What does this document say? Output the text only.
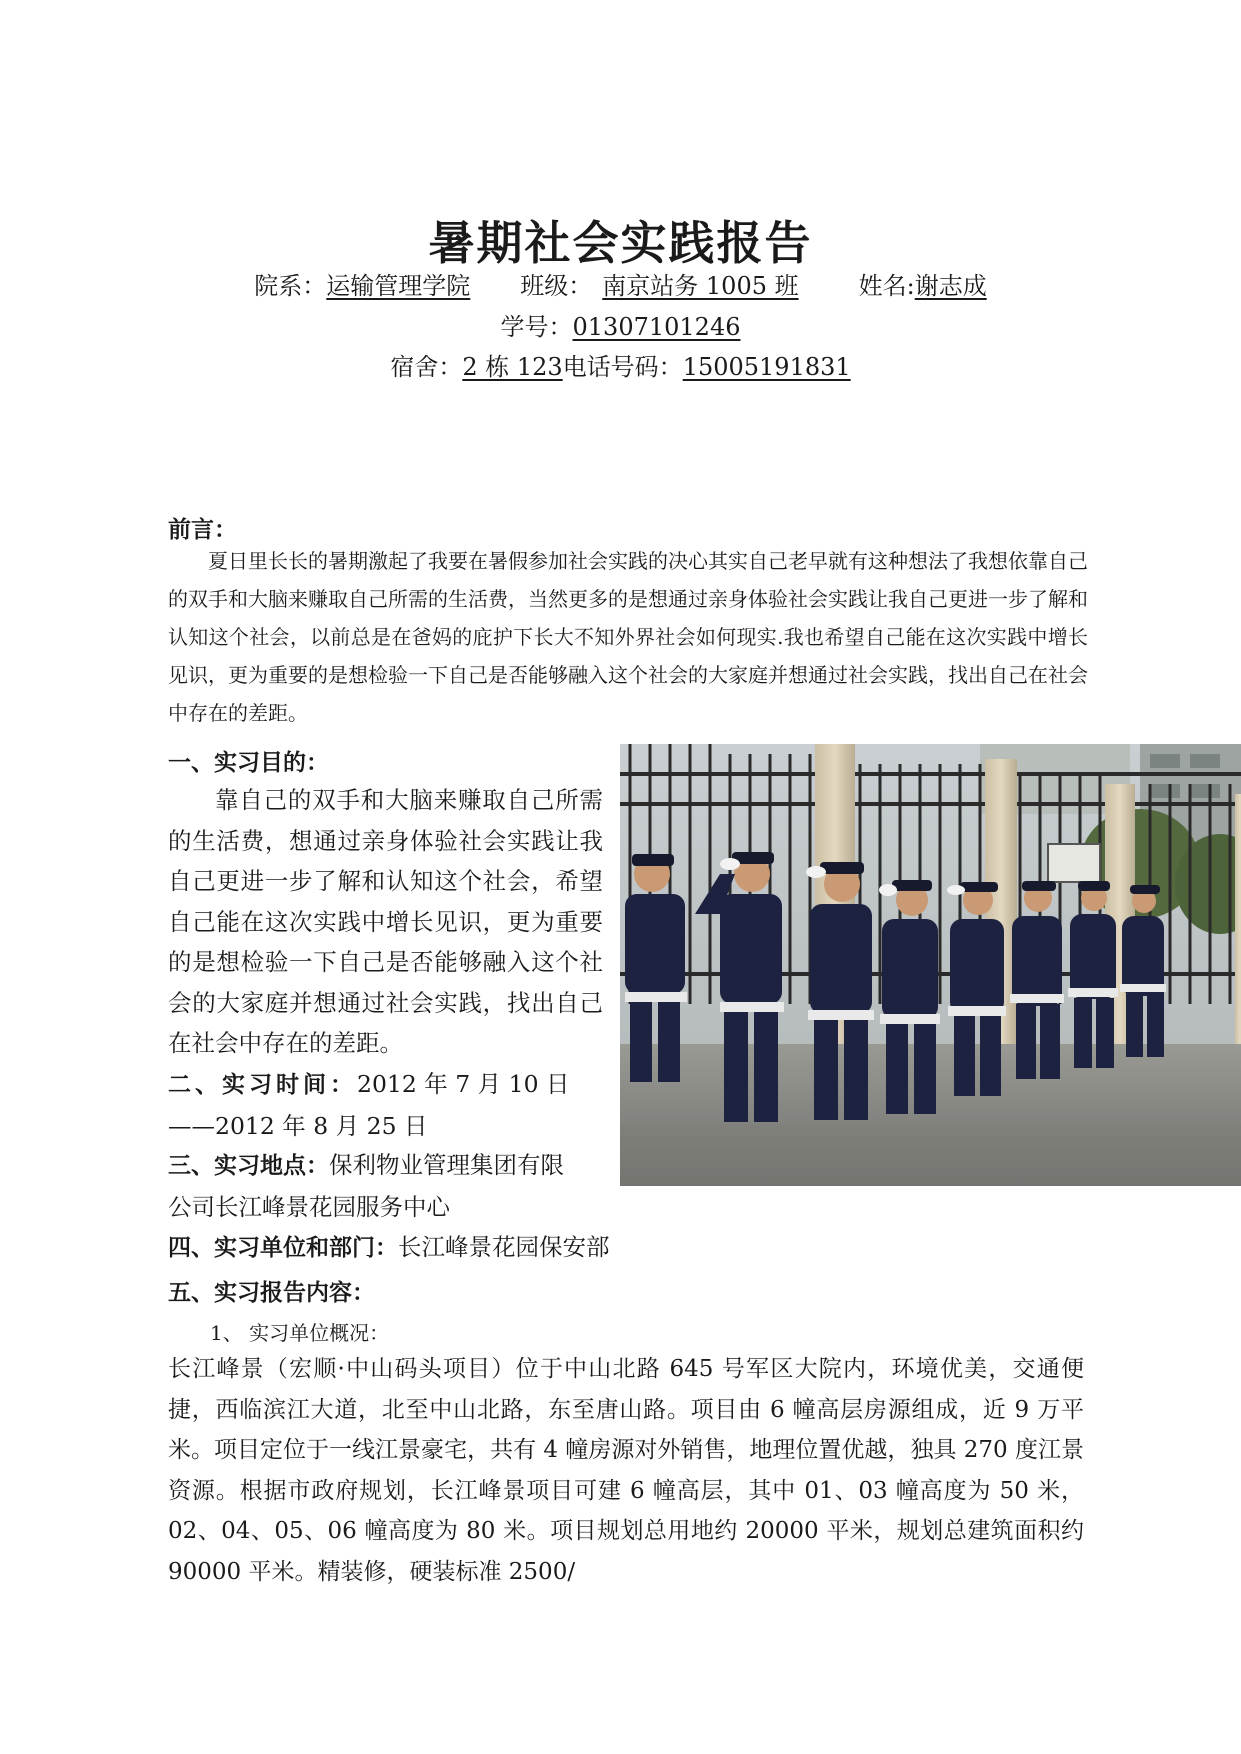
暑期社会实践报告
院系：运输管理学院 班级： 南京站务 1005 班	姓名:谢志成
学号：01307101246
宿舍：2 栋 123电话号码：15005191831
前言：
夏日里长长的暑期激起了我要在暑假参加社会实践的决心其实自己老早就有这种想法了我想依靠自己的双手和大脑来赚取自己所需的生活费，当然更多的是想通过亲身体验社会实践让我自己更进一步了解和认知这个社会，以前总是在爸妈的庇护下长大不知外界社会如何现实.我也希望自己能在这次实践中增长见识，更为重要的是想检验一下自己是否能够融入这个社会的大家庭并想通过社会实践，找出自己在社会中存在的差距。
一、实习目的：
靠自己的双手和大脑来赚取自己所需的生活费，想通过亲身体验社会实践让我自己更进一步了解和认知这个社会，希望自己能在这次实践中增长见识，更为重要的是想检验一下自己是否能够融入这个社会的大家庭并想通过社会实践，找出自己在社会中存在的差距。
二、实习时间：2012 年 7 月 10 日
——2012 年 8 月 25 日
三、实习地点：保利物业管理集团有限
公司长江峰景花园服务中心
四、实习单位和部门：长江峰景花园保安部
五、实习报告内容：
1、 实习单位概况：
长江峰景（宏顺·中山码头项目）位于中山北路 645 号军区大院内，环境优美，交通便捷，西临滨江大道，北至中山北路，东至唐山路。项目由 6 幢高层房源组成，近 9 万平米。项目定位于一线江景豪宅，共有 4 幢房源对外销售，地理位置优越，独具 270 度江景资源。根据市政府规划，长江峰景项目可建 6 幢高层，其中 01、03 幢高度为 50 米，02、04、05、06 幢高度为 80 米。项目规划总用地约 20000 平米，规划总建筑面积约 90000 平米。精装修，硬装标准 2500/
